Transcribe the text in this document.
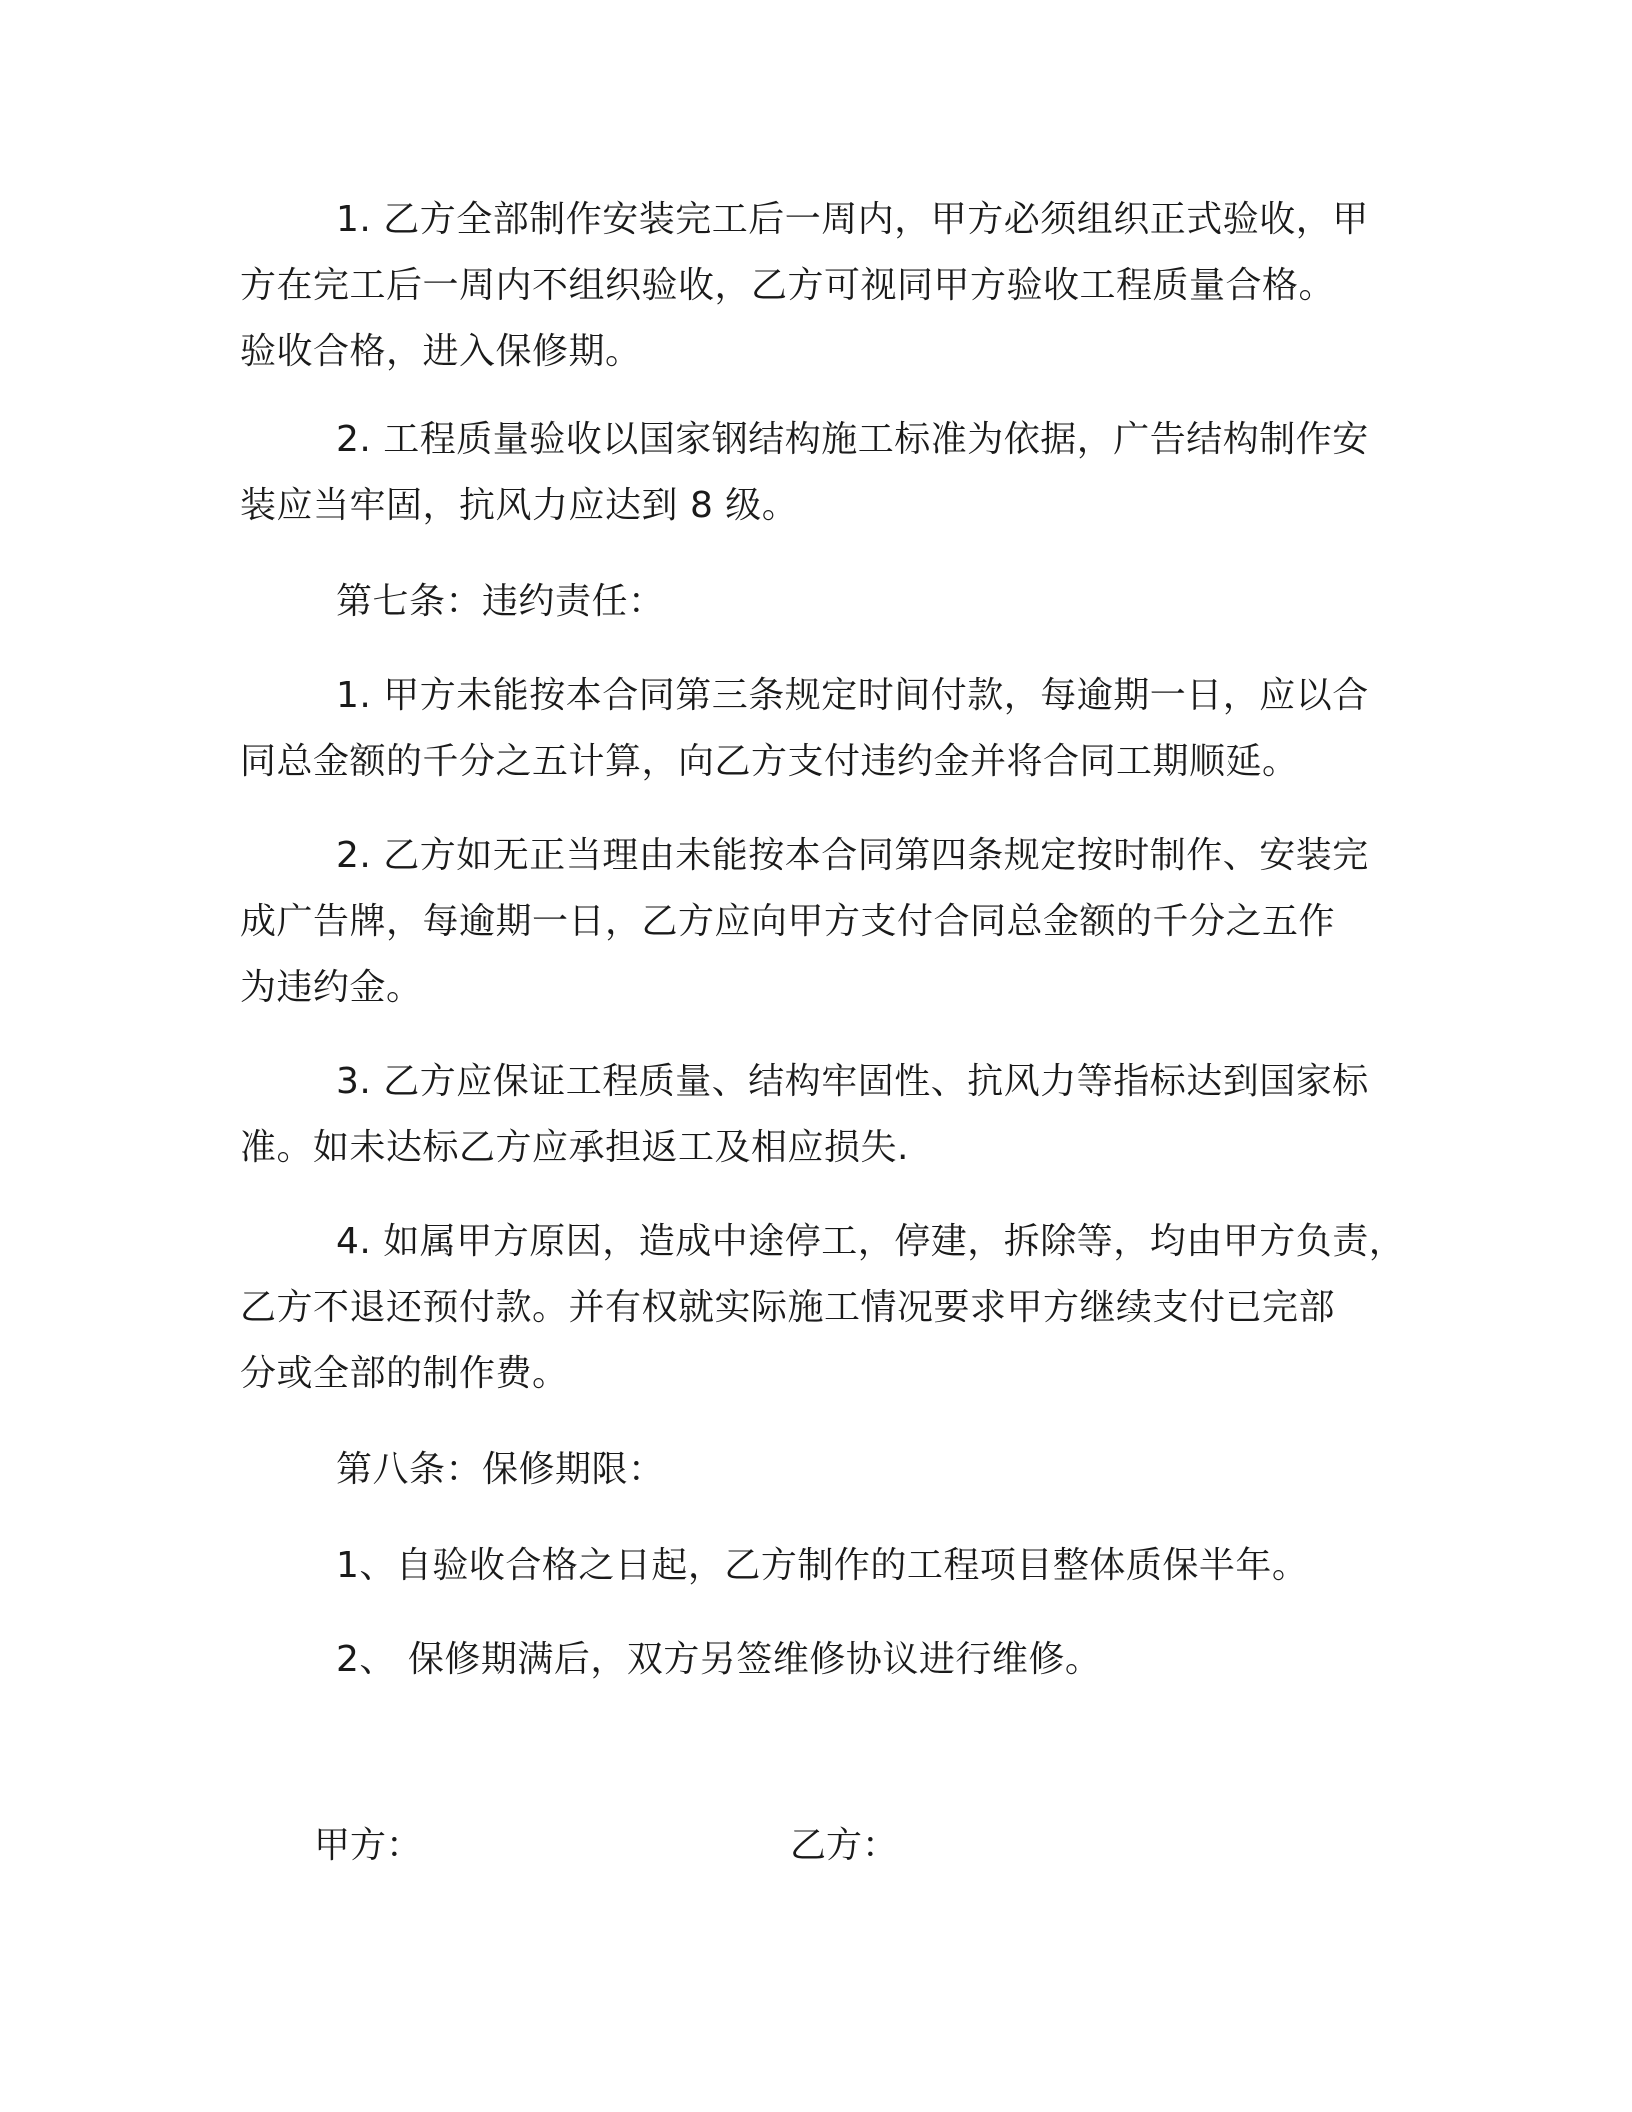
1. 乙方全部制作安装完工后一周内，甲方必须组织正式验收，甲

方在完工后一周内不组织验收，乙方可视同甲方验收工程质量合格。

验收合格，进入保修期。

2. 工程质量验收以国家钢结构施工标准为依据，广告结构制作安

装应当牢固，抗风力应达到 8 级。

第七条：违约责任：

1. 甲方未能按本合同第三条规定时间付款，每逾期一日，应以合

同总金额的千分之五计算，向乙方支付违约金并将合同工期顺延。

2. 乙方如无正当理由未能按本合同第四条规定按时制作、安装完

成广告牌，每逾期一日，乙方应向甲方支付合同总金额的千分之五作

为违约金。

3. 乙方应保证工程质量、结构牢固性、抗风力等指标达到国家标

准。如未达标乙方应承担返工及相应损失.

4. 如属甲方原因，造成中途停工，停建，拆除等，均由甲方负责，

乙方不退还预付款。并有权就实际施工情况要求甲方继续支付已完部

分或全部的制作费。

第八条：保修期限：

1、自验收合格之日起，乙方制作的工程项目整体质保半年。

2、 保修期满后，双方另签维修协议进行维修。

甲方：	乙方：
